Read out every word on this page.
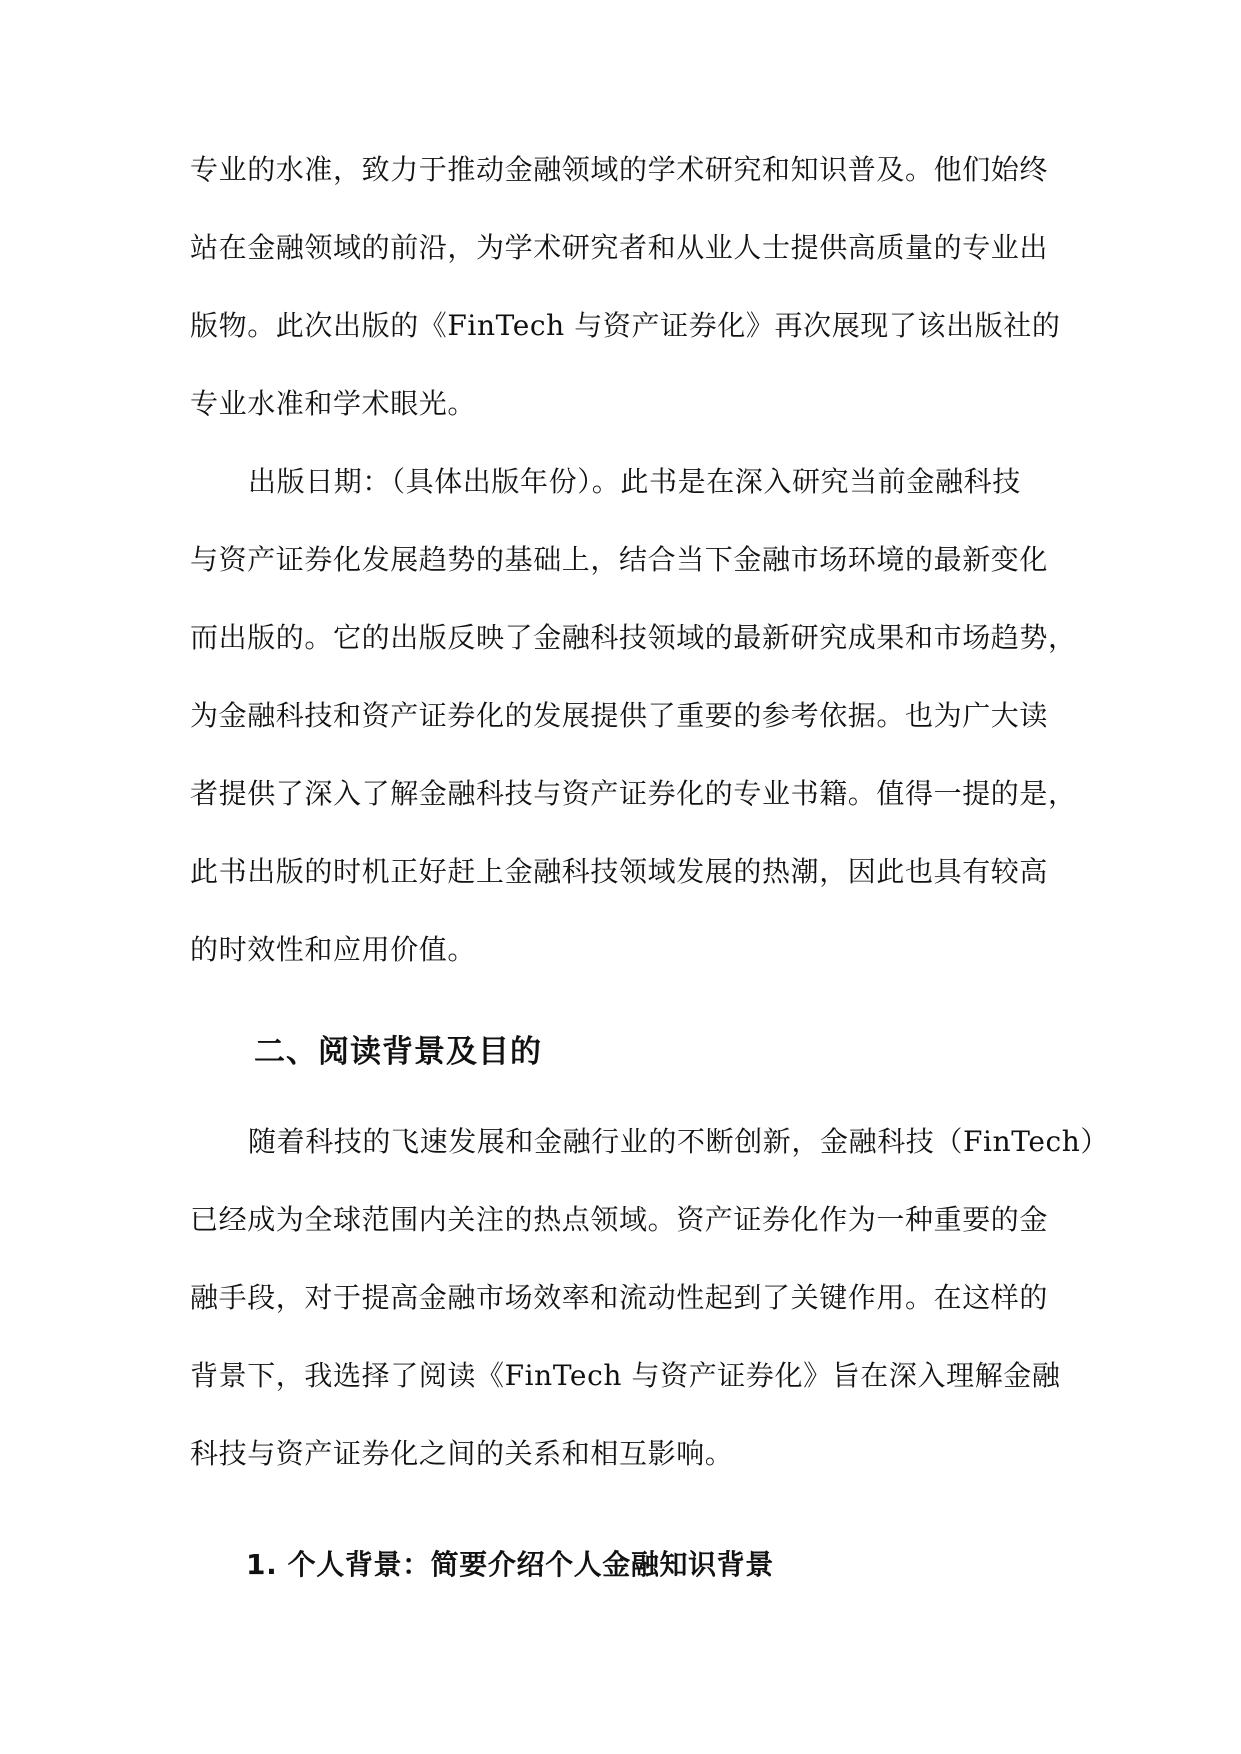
专业的水准，致力于推动金融领域的学术研究和知识普及。他们始终
站在金融领域的前沿，为学术研究者和从业人士提供高质量的专业出
版物。此次出版的《FinTech 与资产证券化》再次展现了该出版社的
专业水准和学术眼光。
出版日期：（具体出版年份）。此书是在深入研究当前金融科技
与资产证券化发展趋势的基础上，结合当下金融市场环境的最新变化
而出版的。它的出版反映了金融科技领域的最新研究成果和市场趋势，
为金融科技和资产证券化的发展提供了重要的参考依据。也为广大读
者提供了深入了解金融科技与资产证券化的专业书籍。值得一提的是，
此书出版的时机正好赶上金融科技领域发展的热潮，因此也具有较高
的时效性和应用价值。
二、阅读背景及目的
随着科技的飞速发展和金融行业的不断创新，金融科技（FinTech）
已经成为全球范围内关注的热点领域。资产证券化作为一种重要的金
融手段，对于提高金融市场效率和流动性起到了关键作用。在这样的
背景下，我选择了阅读《FinTech 与资产证券化》旨在深入理解金融
科技与资产证券化之间的关系和相互影响。
1. 个人背景：简要介绍个人金融知识背景
